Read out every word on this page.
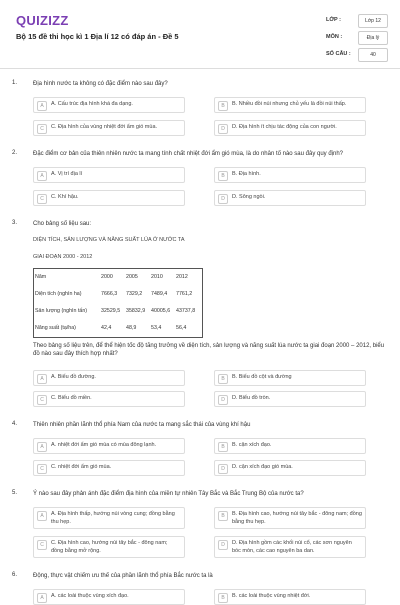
QUIZIZZ
Bộ 15 đề thi học kì 1 Địa lí 12 có đáp án - Đề 5
LỚP :	Lớp 12
MÔN :	Địa lý
SỐ CÂU :	40
1.	Địa hình nước ta không có đặc điểm nào sau đây?
A	A. Cấu trúc địa hình khá đa dạng.	B	B. Nhiều đồi núi nhưng chủ yếu là đồi núi thấp.
C	C. Địa hình của vùng nhiệt đới ẩm gió mùa.	D	D. Địa hình ít chịu tác động của con người.
2.	Đặc điểm cơ bản của thiên nhiên nước ta mang tính chất nhiệt đới ẩm gió mùa, là do nhân tố nào sau đây quy định?
A	A. Vị trí địa lí	B	B. Địa hình.
C	C. Khí hậu.	D	D. Sông ngòi.
3.	Cho bảng số liệu sau:
DIỆN TÍCH, SẢN LƯỢNG VÀ NĂNG SUẤT LÚA Ở NƯỚC TA
GIAI ĐOẠN 2000 - 2012
Năm	2000	2005	2010	2012
Diện tích (nghìn ha)	7666,3	7329,2	7489,4	7761,2
Sản lượng (nghìn tấn)	32529,5	35832,9	40005,6	43737,8
Năng suất (tạ/ha)	42,4	48,9	53,4	56,4
Theo bảng số liệu trên, để thể hiện tốc độ tăng trưởng về diện tích, sản lượng và năng suất lúa nước ta giai đoạn 2000 – 2012, biểu đồ nào sau đây thích hợp nhất?
A	A. Biểu đồ đường.	B	B. Biểu đồ cột và đường
C	C. Biểu đồ miền.	D	D. Biểu đồ tròn.
4.	Thiên nhiên phần lãnh thổ phía Nam của nước ta mang sắc thái của vùng khí hậu
A	A. nhiệt đới ẩm gió mùa có mùa đông lạnh.	B	B. cận xích đạo.
C	C. nhiệt đới ẩm gió mùa.	D	D. cận xích đạo gió mùa.
5.	Ý nào sau đây phản ánh đặc điểm địa hình của miền tự nhiên Tây Bắc và Bắc Trung Bộ của nước ta?
A	A. Địa hình thấp, hướng núi vòng cung; đồng bằng thu hẹp.
B	B. Địa hình cao, hướng núi tây bắc - đông nam; đồng bằng thu hẹp.
C	C. Địa hình cao, hướng núi tây bắc - đông nam; đồng bằng mở rộng.
D	D. Địa hình gồm các khối núi cổ, các sơn nguyên bóc mòn, các cao nguyên ba dan.
6.	Động, thực vật chiếm ưu thế của phần lãnh thổ phía Bắc nước ta là
A	A. các loài thuộc vùng xích đạo.	B	B. các loài thuộc vùng nhiệt đới.
